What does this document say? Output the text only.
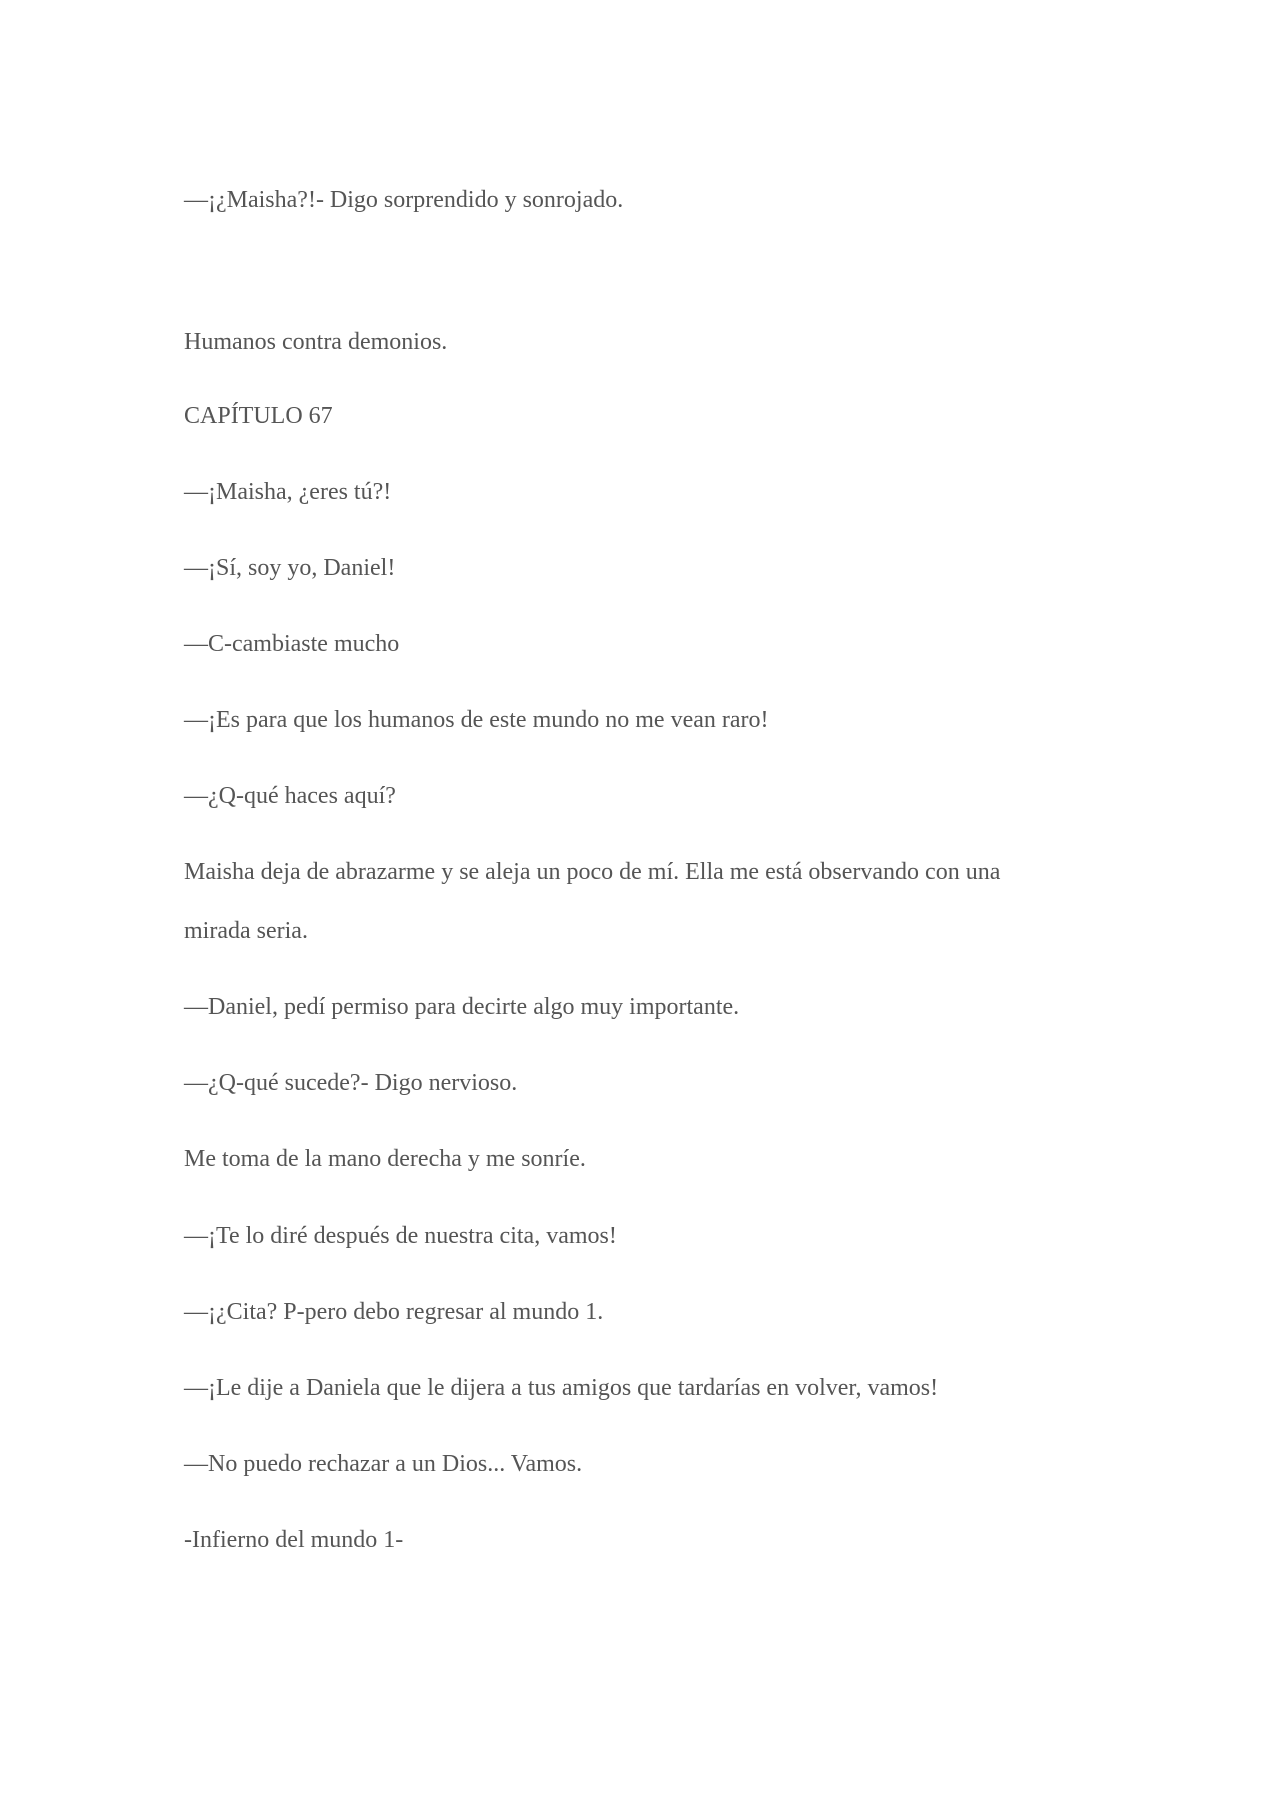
—¡¿Maisha?!- Digo sorprendido y sonrojado.

Humanos contra demonios.

CAPÍTULO 67

—¡Maisha, ¿eres tú?!

—¡Sí, soy yo, Daniel!

—C-cambiaste mucho

—¡Es para que los humanos de este mundo no me vean raro!

—¿Q-qué haces aquí?

Maisha deja de abrazarme y se aleja un poco de mí. Ella me está observando con una

mirada seria.

—Daniel, pedí permiso para decirte algo muy importante.

—¿Q-qué sucede?- Digo nervioso.

Me toma de la mano derecha y me sonríe.

—¡Te lo diré después de nuestra cita, vamos!

—¡¿Cita? P-pero debo regresar al mundo 1.

—¡Le dije a Daniela que le dijera a tus amigos que tardarías en volver, vamos!

—No puedo rechazar a un Dios... Vamos.

-Infierno del mundo 1-
